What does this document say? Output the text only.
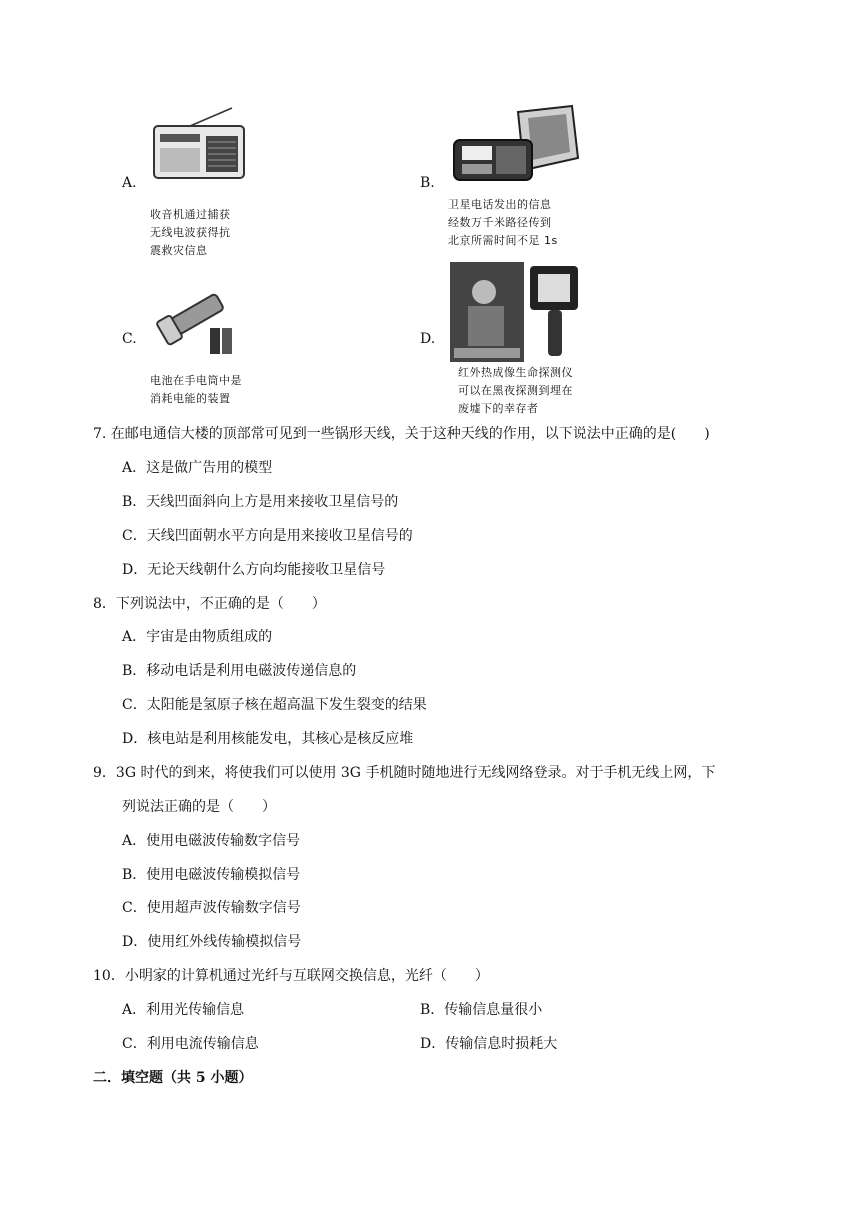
A.
收音机通过捕获
无线电波获得抗
震救灾信息
B.
卫星电话发出的信息
经数万千米路径传到
北京所需时间不足 1s
C.
电池在手电筒中是
消耗电能的装置
D.
红外热成像生命探测仪
可以在黑夜探测到埋在
废墟下的幸存者
7. 在邮电通信大楼的顶部常可见到一些锅形天线，关于这种天线的作用，以下说法中正确的是(　　)
A．这是做广告用的模型
B．天线凹面斜向上方是用来接收卫星信号的
C．天线凹面朝水平方向是用来接收卫星信号的
D．无论天线朝什么方向均能接收卫星信号
8．下列说法中，不正确的是（　　）
A．宇宙是由物质组成的
B．移动电话是利用电磁波传递信息的
C．太阳能是氢原子核在超高温下发生裂变的结果
D．核电站是利用核能发电，其核心是核反应堆
9．3G 时代的到来，将使我们可以使用 3G 手机随时随地进行无线网络登录。对于手机无线上网，下
列说法正确的是（　　）
A．使用电磁波传输数字信号
B．使用电磁波传输模拟信号
C．使用超声波传输数字信号
D．使用红外线传输模拟信号
10．小明家的计算机通过光纤与互联网交换信息，光纤（　　）
A．利用光传输信息	B．传输信息量很小
C．利用电流传输信息	D．传输信息时损耗大
二．填空题（共 5 小题）
